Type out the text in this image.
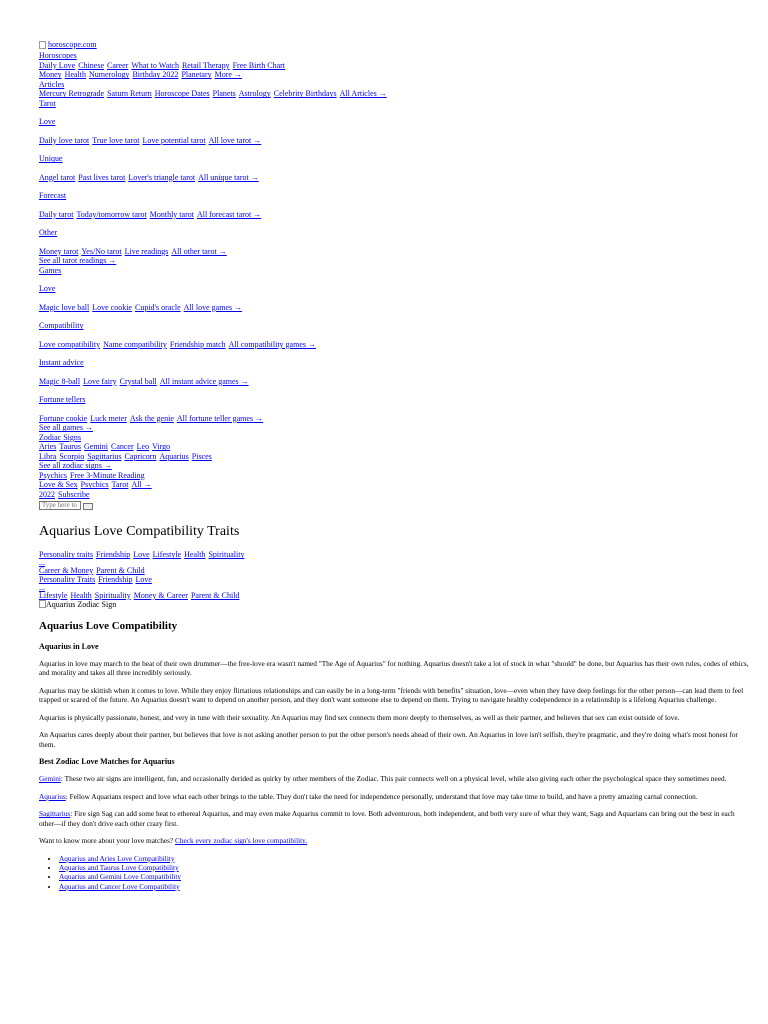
horoscope.com
Horoscopes
Daily Love Chinese Career What to Watch Retail Therapy Free Birth Chart
Money Health Numerology Birthday 2022 Planetary More →
Articles
Mercury Retrograde Saturn Return Horoscope Dates Planets Astrology Celebrity Birthdays All Articles →
Tarot
Love
Daily love tarot True love tarot Love potential tarot All love tarot →
Unique
Angel tarot Past lives tarot Lover's triangle tarot All unique tarot →
Forecast
Daily tarot Today/tomorrow tarot Monthly tarot All forecast tarot →
Other
Money tarot Yes/No tarot Live readings All other tarot →
See all tarot readings →
Games
Love
Magic love ball Love cookie Cupid's oracle All love games →
Compatibility
Love compatibility Name compatibility Friendship match All compatibility games →
Instant advice
Magic 8-ball Love fairy Crystal ball All instant advice games →
Fortune tellers
Fortune cookie Luck meter Ask the genie All fortune teller games →
See all games →
Zodiac Signs
Aries Taurus Gemini Cancer Leo Virgo
Libra Scorpio Sagittarius Capricorn Aquarius Pisces
See all zodiac signs →
Psychics Free 3-Minute Reading
Love & Sex Psychics Tarot All →
2022 Subscribe
Type here to
Aquarius Love Compatibility Traits
Personality traits Friendship Love Lifestyle Health Spirituality
...
Career & Money Parent & Child
Personality Traits Friendship Love
...
Lifestyle Health Spirituality Money & Career Parent & Child
Aquarius Zodiac Sign
Aquarius Love Compatibility
Aquarius in Love

Aquarius in love may march to the beat of their own drummer—the free-love era wasn't named "The Age of Aquarius" for nothing. Aquarius doesn't take a lot of stock in what "should" be done, but Aquarius has their own rules, codes of ethics, and morality and takes all three incredibly seriously.

Aquarius may be skittish when it comes to love. While they enjoy flirtatious relationships and can easily be in a long-term "friends with benefits" situation, love—even when they have deep feelings for the other person—can lead them to feel trapped or scared of the future. An Aquarius doesn't want to depend on another person, and they don't want someone else to depend on them. Trying to navigate healthy codependence in a relationship is a lifelong Aquarius challenge.

Aquarius is physically passionate, honest, and very in tune with their sexuality. An Aquarius may find sex connects them more deeply to themselves, as well as their partner, and believes that sex can exist outside of love.

An Aquarius cares deeply about their partner, but believes that love is not asking another person to put the other person's needs ahead of their own. An Aquarius in love isn't selfish, they're pragmatic, and they're doing what's most honest for them.

Best Zodiac Love Matches for Aquarius

Gemini: These two air signs are intelligent, fun, and occasionally derided as quirky by other members of the Zodiac. This pair connects well on a physical level, while also giving each other the psychological space they sometimes need.

Aquarius: Fellow Aquarians respect and love what each other brings to the table. They don't take the need for independence personally, understand that love may take time to build, and have a pretty amazing carnal connection.

Sagittarius: Fire sign Sag can add some heat to ethereal Aquarius, and may even make Aquarius commit to love. Both adventurous, both independent, and both very sure of what they want, Sags and Aquarians can bring out the best in each other—if they don't drive each other crazy first.

Want to know more about your love matches? Check every zodiac sign's love compatibility.

• Aquarius and Aries Love Compatibility
• Aquarius and Taurus Love Compatibility
• Aquarius and Gemini Love Compatibility
• Aquarius and Cancer Love Compatibility
